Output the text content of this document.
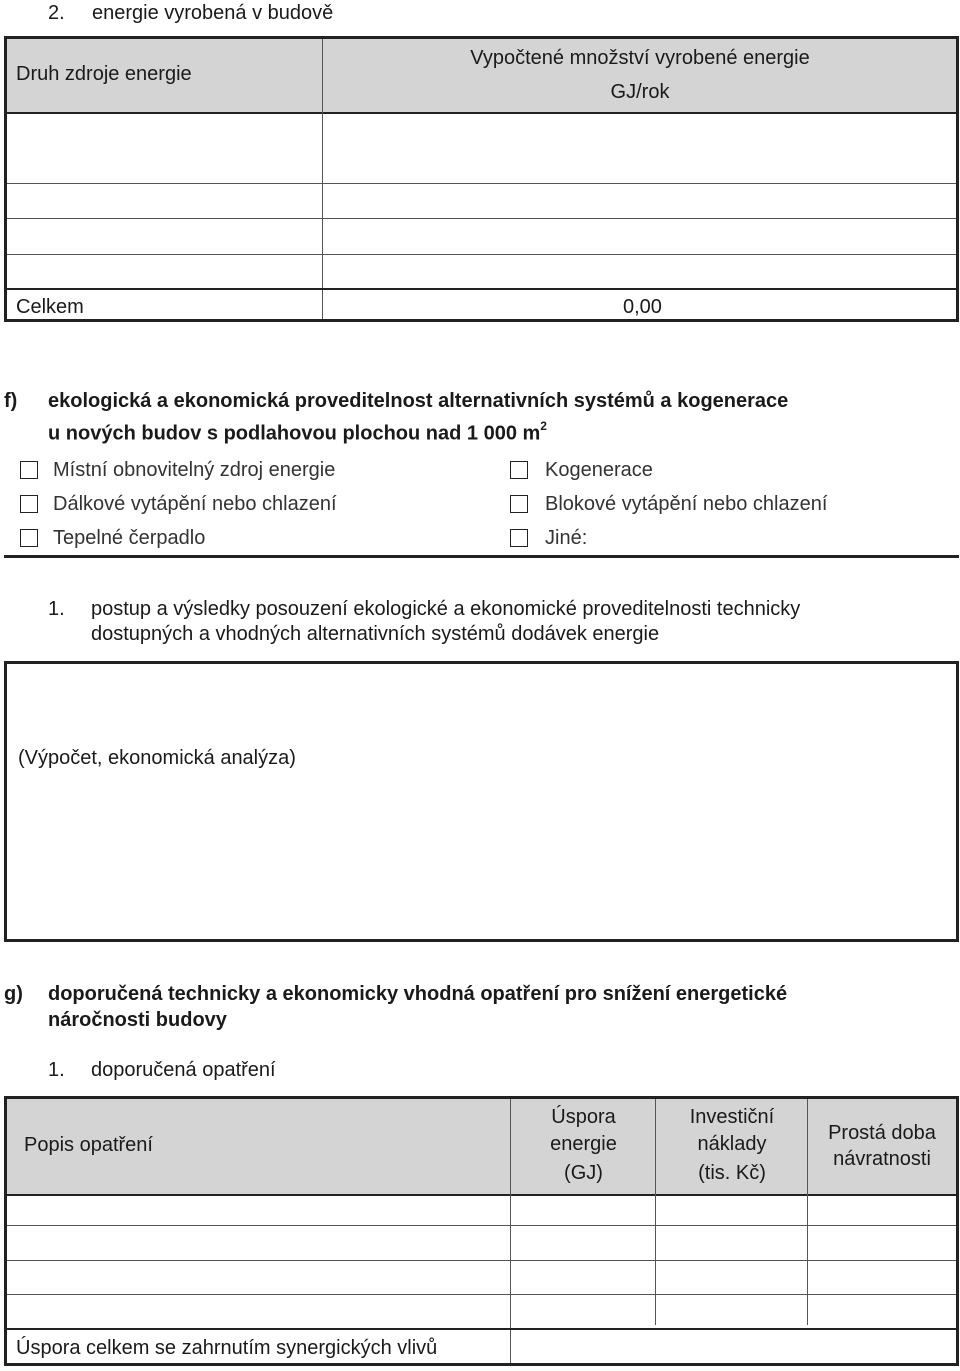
2. energie vyrobená v budově
Druh zdroje energie
Vypočtené množství vyrobené energie
GJ/rok
Celkem	0,00
f) ekologická a ekonomická proveditelnost alternativních systémů a kogenerace
u nových budov s podlahovou plochou nad 1 000 $m^2$
Místní obnovitelný zdroj energie
Dálkové vytápění nebo chlazení
Tepelné čerpadlo
Kogenerace
Blokové vytápění nebo chlazení
Jiné:
1. postup a výsledky posouzení ekologické a ekonomické proveditelnosti technicky
dostupných a vhodných alternativních systémů dodávek energie
(Výpočet, ekonomická analýza)
g) doporučená technicky a ekonomicky vhodná opatření pro snížení energetické
náročnosti budovy
1. doporučená opatření
Popis opatření
Úspora
energie
(GJ)
Investiční
náklady
(tis. Kč)
Prostá doba
návratnosti
Úspora celkem se zahrnutím synergických vlivů
